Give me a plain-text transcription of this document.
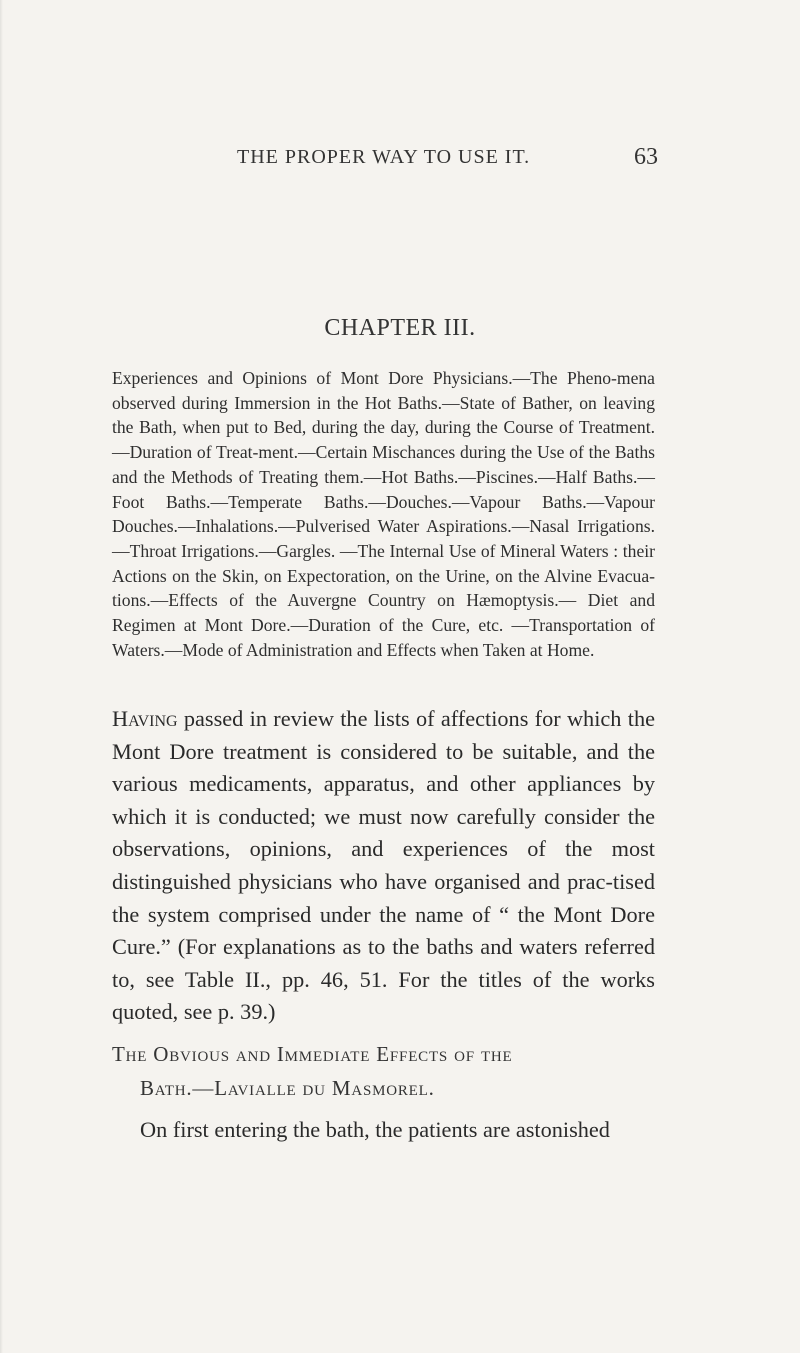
THE PROPER WAY TO USE IT.	63
CHAPTER III.
Experiences and Opinions of Mont Dore Physicians.—The Pheno-mena observed during Immersion in the Hot Baths.—State of Bather, on leaving the Bath, when put to Bed, during the day, during the Course of Treatment.—Duration of Treat-ment.—Certain Mischances during the Use of the Baths and the Methods of Treating them.—Hot Baths.—Piscines.—Half Baths.—Foot Baths.—Temperate Baths.—Douches.—Vapour Baths.—Vapour Douches.—Inhalations.—Pulverised Water Aspirations.—Nasal Irrigations.—Throat Irrigations.—Gargles. —The Internal Use of Mineral Waters : their Actions on the Skin, on Expectoration, on the Urine, on the Alvine Evacua-tions.—Effects of the Auvergne Country on Hæmoptysis.— Diet and Regimen at Mont Dore.—Duration of the Cure, etc. —Transportation of Waters.—Mode of Administration and Effects when Taken at Home.
Having passed in review the lists of affections for which the Mont Dore treatment is considered to be suitable, and the various medicaments, apparatus, and other appliances by which it is conducted; we must now carefully consider the observations, opinions, and experiences of the most distinguished physicians who have organised and prac-tised the system comprised under the name of “ the Mont Dore Cure.” (For explanations as to the baths and waters referred to, see Table II., pp. 46, 51. For the titles of the works quoted, see p. 39.)
The Obvious and Immediate Effects of the
Bath.—Lavialle du Masmorel.
On first entering the bath, the patients are astonished
